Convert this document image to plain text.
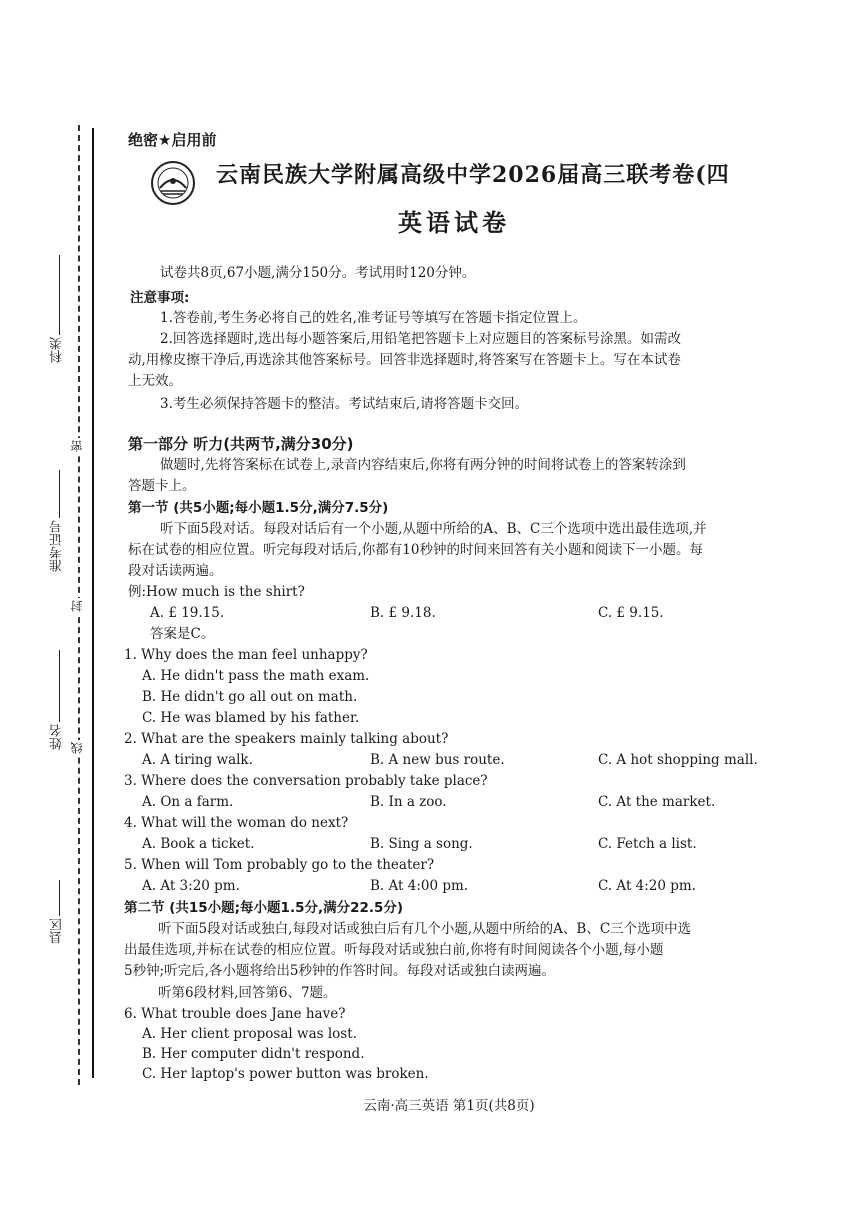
科类
准考证号
姓名
县区
密
封
线
绝密★启用前
云南民族大学附属高级中学2026届高三联考卷(四
英语试卷
试卷共8页,67小题,满分150分。考试用时120分钟。
注意事项:
1.答卷前,考生务必将自己的姓名,准考证号等填写在答题卡指定位置上。
2.回答选择题时,选出每小题答案后,用铅笔把答题卡上对应题目的答案标号涂黑。如需改
动,用橡皮擦干净后,再选涂其他答案标号。回答非选择题时,将答案写在答题卡上。写在本试卷
上无效。
3.考生必须保持答题卡的整洁。考试结束后,请将答题卡交回。
第一部分 听力(共两节,满分30分)
做题时,先将答案标在试卷上,录音内容结束后,你将有两分钟的时间将试卷上的答案转涂到
答题卡上。
第一节 (共5小题;每小题1.5分,满分7.5分)
听下面5段对话。每段对话后有一个小题,从题中所给的A、B、C三个选项中选出最佳选项,并
标在试卷的相应位置。听完每段对话后,你都有10秒钟的时间来回答有关小题和阅读下一小题。每
段对话读两遍。
例:How much is the shirt?
A. £ 19.15.	B. £ 9.18.	C. £ 9.15.
答案是C。
1. Why does the man feel unhappy?
A. He didn't pass the math exam.
B. He didn't go all out on math.
C. He was blamed by his father.
2. What are the speakers mainly talking about?
A. A tiring walk.	B. A new bus route.	C. A hot shopping mall.
3. Where does the conversation probably take place?
A. On a farm.	B. In a zoo.	C. At the market.
4. What will the woman do next?
A. Book a ticket.	B. Sing a song.	C. Fetch a list.
5. When will Tom probably go to the theater?
A. At 3:20 pm.	B. At 4:00 pm.	C. At 4:20 pm.
第二节 (共15小题;每小题1.5分,满分22.5分)
听下面5段对话或独白,每段对话或独白后有几个小题,从题中所给的A、B、C三个选项中选
出最佳选项,并标在试卷的相应位置。听每段对话或独白前,你将有时间阅读各个小题,每小题
5秒钟;听完后,各小题将给出5秒钟的作答时间。每段对话或独白读两遍。
听第6段材料,回答第6、7题。
6. What trouble does Jane have?
A. Her client proposal was lost.
B. Her computer didn't respond.
C. Her laptop's power button was broken.
云南·高三英语 第1页(共8页)
